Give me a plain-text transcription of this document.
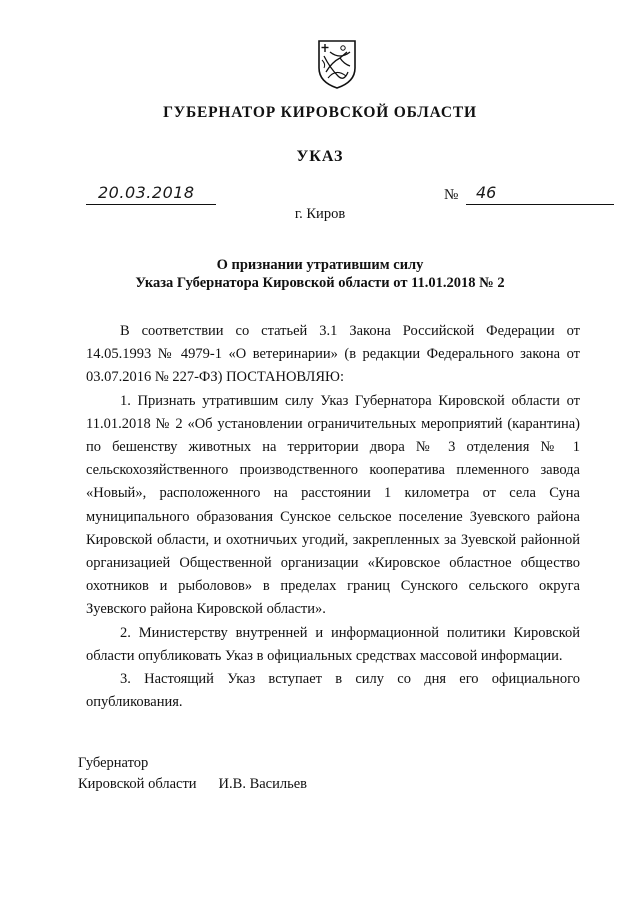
ГУБЕРНАТОР КИРОВСКОЙ ОБЛАСТИ
УКАЗ
20.03.2018	№ 46
г. Киров
О признании утратившим силу
Указа Губернатора Кировской области от 11.01.2018 № 2

В соответствии со статьей 3.1 Закона Российской Федерации от 14.05.1993 № 4979-1 «О ветеринарии» (в редакции Федерального закона от 03.07.2016 № 227-ФЗ) ПОСТАНОВЛЯЮ:

1. Признать утратившим силу Указ Губернатора Кировской области от 11.01.2018 № 2 «Об установлении ограничительных мероприятий (карантина) по бешенству животных на территории двора № 3 отделения № 1 сельскохозяйственного производственного кооператива племенного завода «Новый», расположенного на расстоянии 1 километра от села Суна муниципального образования Сунское сельское поселение Зуевского района Кировской области, и охотничьих угодий, закрепленных за Зуевской районной организацией Общественной организации «Кировское областное общество охотников и рыболовов» в пределах границ Сунского сельского округа Зуевского района Кировской области».

2. Министерству внутренней и информационной политики Кировской области опубликовать Указ в официальных средствах массовой информации.

3. Настоящий Указ вступает в силу со дня его официального опубликования.

Губернатор
Кировской области И.В. Васильев
